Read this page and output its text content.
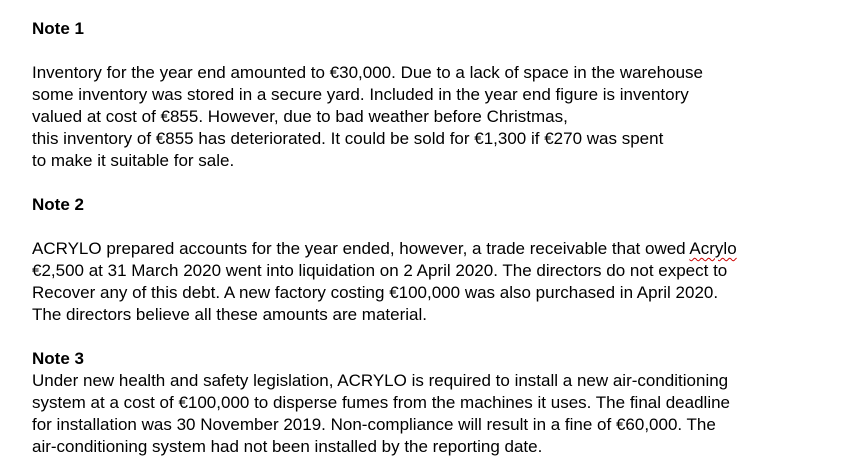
Note 1
Inventory for the year end amounted to €30,000. Due to a lack of space in the warehouse
some inventory was stored in a secure yard. Included in the year end figure is inventory
valued at cost of €855. However, due to bad weather before Christmas,
this inventory of €855 has deteriorated. It could be sold for €1,300 if €270 was spent
to make it suitable for sale.
Note 2
ACRYLO prepared accounts for the year ended, however, a trade receivable that owed Acrylo
€2,500 at 31 March 2020 went into liquidation on 2 April 2020. The directors do not expect to
Recover any of this debt. A new factory costing €100,000 was also purchased in April 2020.
The directors believe all these amounts are material.
Note 3
Under new health and safety legislation, ACRYLO is required to install a new air-conditioning
system at a cost of €100,000 to disperse fumes from the machines it uses. The final deadline
for installation was 30 November 2019. Non-compliance will result in a fine of €60,000. The
air-conditioning system had not been installed by the reporting date.
